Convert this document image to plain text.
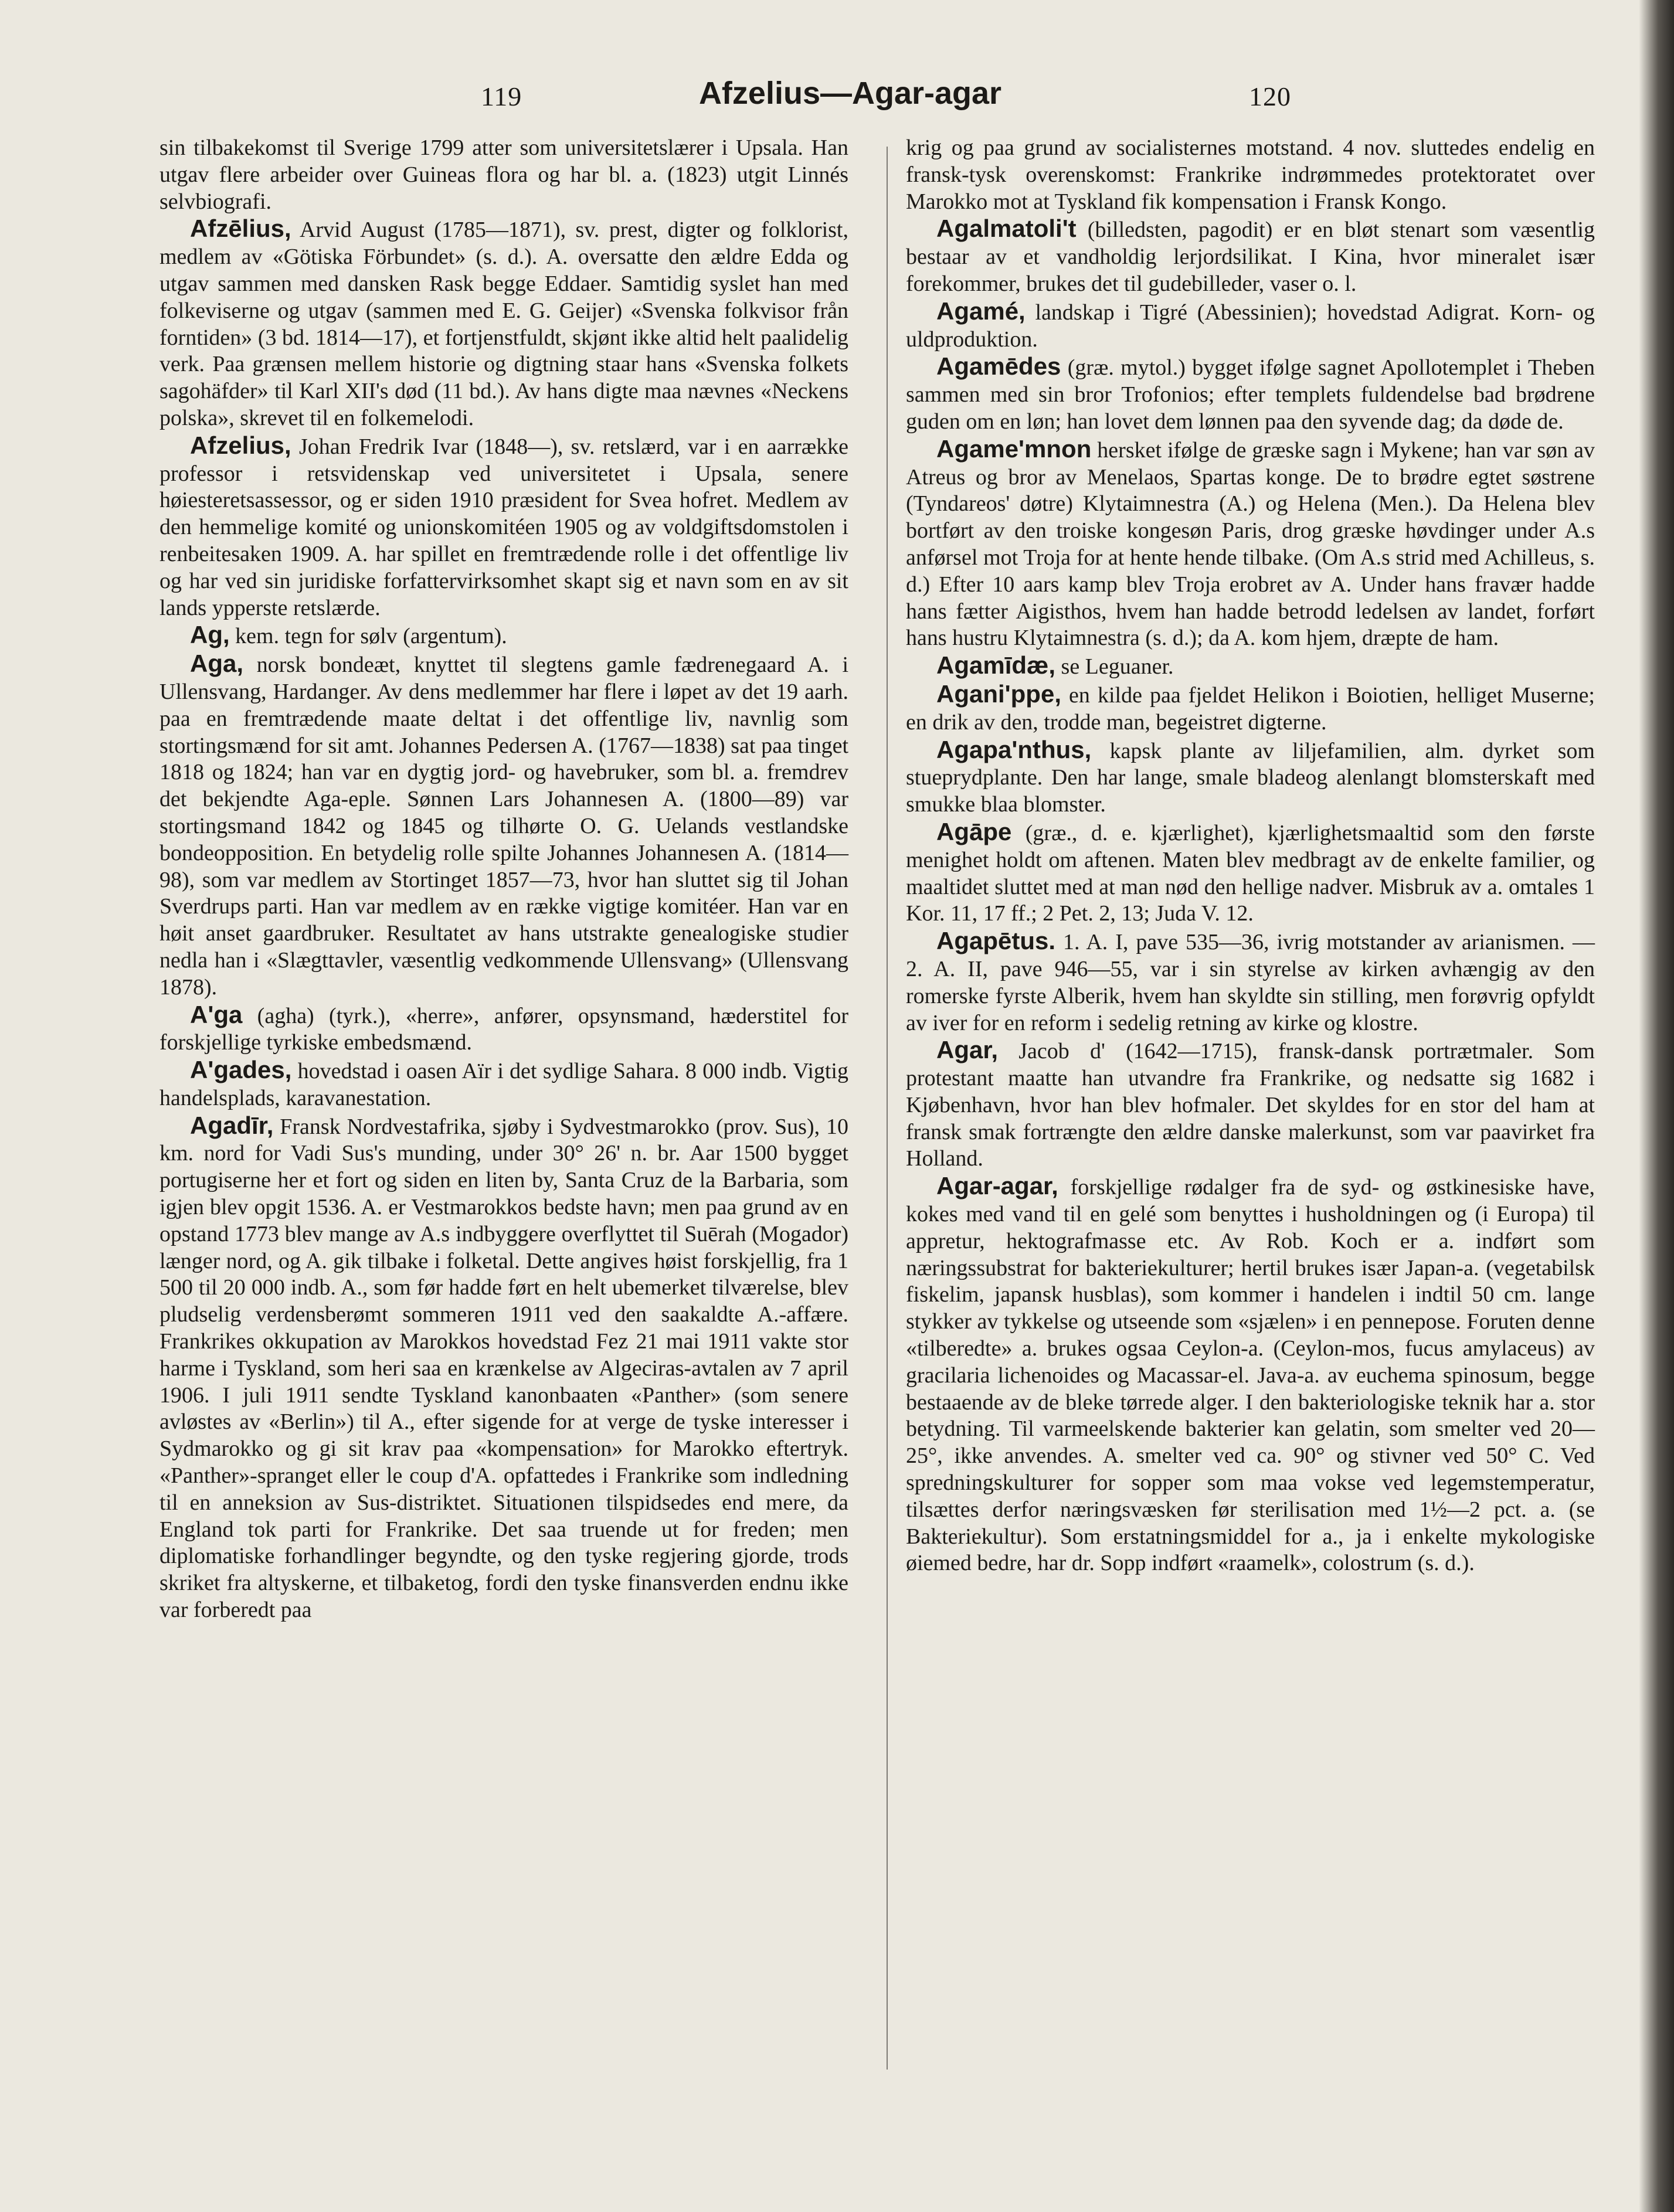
119	Afzelius—Agar-agar	120

sin tilbakekomst til Sverige 1799 atter som universitetslærer i Upsala. Han utgav flere arbeider over Guineas flora og har bl. a. (1823) utgit Linnés selvbiografi.

Afzēlius, Arvid August (1785—1871), sv. prest, digter og folklorist, medlem av «Götiska Förbundet» (s. d.). A. oversatte den ældre Edda og utgav sammen med dansken Rask begge Eddaer. Samtidig syslet han med folkeviserne og utgav (sammen med E. G. Geijer) «Svenska folkvisor från forntiden» (3 bd. 1814—17), et fortjenstfuldt, skjønt ikke altid helt paalidelig verk. Paa grænsen mellem historie og digtning staar hans «Svenska folkets sagohäfder» til Karl XII's død (11 bd.). Av hans digte maa nævnes «Neckens polska», skrevet til en folkemelodi.

Afzelius, Johan Fredrik Ivar (1848—), sv. retslærd, var i en aarrække professor i retsvidenskap ved universitetet i Upsala, senere høiesteretsassessor, og er siden 1910 præsident for Svea hofret. Medlem av den hemmelige komité og unionskomitéen 1905 og av voldgiftsdomstolen i renbeitesaken 1909. A. har spillet en fremtrædende rolle i det offentlige liv og har ved sin juridiske forfattervirksomhet skapt sig et navn som en av sit lands ypperste retslærde.

Ag, kem. tegn for sølv (argentum).

Aga, norsk bondeæt, knyttet til slegtens gamle fædrenegaard A. i Ullensvang, Hardanger. Av dens medlemmer har flere i løpet av det 19 aarh. paa en fremtrædende maate deltat i det offentlige liv, navnlig som stortingsmænd for sit amt. Johannes Pedersen A. (1767—1838) sat paa tinget 1818 og 1824; han var en dygtig jord- og havebruker, som bl. a. fremdrev det bekjendte Aga-eple. Sønnen Lars Johannesen A. (1800—89) var stortingsmand 1842 og 1845 og tilhørte O. G. Uelands vestlandske bondeopposition. En betydelig rolle spilte Johannes Johannesen A. (1814—98), som var medlem av Stortinget 1857—73, hvor han sluttet sig til Johan Sverdrups parti. Han var medlem av en række vigtige komitéer. Han var en høit anset gaardbruker. Resultatet av hans utstrakte genealogiske studier nedla han i «Slægttavler, væsentlig vedkommende Ullensvang» (Ullensvang 1878).

A'ga (agha) (tyrk.), «herre», anfører, opsynsmand, hæderstitel for forskjellige tyrkiske embedsmænd.

A'gades, hovedstad i oasen Aïr i det sydlige Sahara. 8 000 indb. Vigtig handelsplads, karavanestation.

Agadīr, Fransk Nordvestafrika, sjøby i Sydvestmarokko (prov. Sus), 10 km. nord for Vadi Sus's munding, under 30° 26' n. br. Aar 1500 bygget portugiserne her et fort og siden en liten by, Santa Cruz de la Barbaria, som igjen blev opgit 1536. A. er Vestmarokkos bedste havn; men paa grund av en opstand 1773 blev mange av A.s indbyggere overflyttet til Suērah (Mogador) længer nord, og A. gik tilbake i folketal. Dette angives høist forskjellig, fra 1 500 til 20 000 indb. A., som før hadde ført en helt ubemerket tilværelse, blev pludselig verdensberømt sommeren 1911 ved den saakaldte A.-affære. Frankrikes okkupation av Marokkos hovedstad Fez 21 mai 1911 vakte stor harme i Tyskland, som heri saa en krænkelse av Algeciras-avtalen av 7 april 1906. I juli 1911 sendte Tyskland kanonbaaten «Panther» (som senere avløstes av «Berlin») til A., efter sigende for at verge de tyske interesser i Sydmarokko og gi sit krav paa «kompensation» for Marokko eftertryk. «Panther»-spranget eller le coup d'A. opfattedes i Frankrike som indledning til en anneksion av Sus-distriktet. Situationen tilspidsedes end mere, da England tok parti for Frankrike. Det saa truende ut for freden; men diplomatiske forhandlinger begyndte, og den tyske regjering gjorde, trods skriket fra altyskerne, et tilbaketog, fordi den tyske finansverden endnu ikke var forberedt paa

krig og paa grund av socialisternes motstand. 4 nov. sluttedes endelig en fransk-tysk overenskomst: Frankrike indrømmedes protektoratet over Marokko mot at Tyskland fik kompensation i Fransk Kongo.

Agalmatoli't (billedsten, pagodit) er en bløt stenart som væsentlig bestaar av et vandholdig lerjordsilikat. I Kina, hvor mineralet især forekommer, brukes det til gudebilleder, vaser o. l.

Agamé, landskap i Tigré (Abessinien); hovedstad Adigrat. Korn- og uldproduktion.

Agamēdes (græ. mytol.) bygget ifølge sagnet Apollotemplet i Theben sammen med sin bror Trofonios; efter templets fuldendelse bad brødrene guden om en løn; han lovet dem lønnen paa den syvende dag; da døde de.

Agame'mnon hersket ifølge de græske sagn i Mykene; han var søn av Atreus og bror av Menelaos, Spartas konge. De to brødre egtet søstrene (Tyndareos' døtre) Klytaimnestra (A.) og Helena (Men.). Da Helena blev bortført av den troiske kongesøn Paris, drog græske høvdinger under A.s anførsel mot Troja for at hente hende tilbake. (Om A.s strid med Achilleus, s. d.) Efter 10 aars kamp blev Troja erobret av A. Under hans fravær hadde hans fætter Aigisthos, hvem han hadde betrodd ledelsen av landet, forført hans hustru Klytaimnestra (s. d.); da A. kom hjem, dræpte de ham.

Agamīdæ, se Leguaner.

Agani'ppe, en kilde paa fjeldet Helikon i Boiotien, helliget Muserne; en drik av den, trodde man, begeistret digterne.

Agapa'nthus, kapsk plante av liljefamilien, alm. dyrket som stueprydplante. Den har lange, smale bladeog alenlangt blomsterskaft med smukke blaa blomster.

Agāpe (græ., d. e. kjærlighet), kjærlighetsmaaltid som den første menighet holdt om aftenen. Maten blev medbragt av de enkelte familier, og maaltidet sluttet med at man nød den hellige nadver. Misbruk av a. omtales 1 Kor. 11, 17 ff.; 2 Pet. 2, 13; Juda V. 12.

Agapētus. 1. A. I, pave 535—36, ivrig motstander av arianismen. — 2. A. II, pave 946—55, var i sin styrelse av kirken avhængig av den romerske fyrste Alberik, hvem han skyldte sin stilling, men forøvrig opfyldt av iver for en reform i sedelig retning av kirke og klostre.

Agar, Jacob d' (1642—1715), fransk-dansk portrætmaler. Som protestant maatte han utvandre fra Frankrike, og nedsatte sig 1682 i Kjøbenhavn, hvor han blev hofmaler. Det skyldes for en stor del ham at fransk smak fortrængte den ældre danske malerkunst, som var paavirket fra Holland.

Agar-agar, forskjellige rødalger fra de syd- og østkinesiske have, kokes med vand til en gelé som benyttes i husholdningen og (i Europa) til appretur, hektografmasse etc. Av Rob. Koch er a. indført som næringssubstrat for bakteriekulturer; hertil brukes især Japan-a. (vegetabilsk fiskelim, japansk husblas), som kommer i handelen i indtil 50 cm. lange stykker av tykkelse og utseende som «sjælen» i en pennepose. Foruten denne «tilberedte» a. brukes ogsaa Ceylon-a. (Ceylon-mos, fucus amylaceus) av gracilaria lichenoides og Macassar-el. Java-a. av euchema spinosum, begge bestaaende av de bleke tørrede alger. I den bakteriologiske teknik har a. stor betydning. Til varmeelskende bakterier kan gelatin, som smelter ved 20—25°, ikke anvendes. A. smelter ved ca. 90° og stivner ved 50° C. Ved spredningskulturer for sopper som maa vokse ved legemstemperatur, tilsættes derfor næringsvæsken før sterilisation med 1½—2 pct. a. (se Bakteriekultur). Som erstatningsmiddel for a., ja i enkelte mykologiske øiemed bedre, har dr. Sopp indført «raamelk», colostrum (s. d.).
